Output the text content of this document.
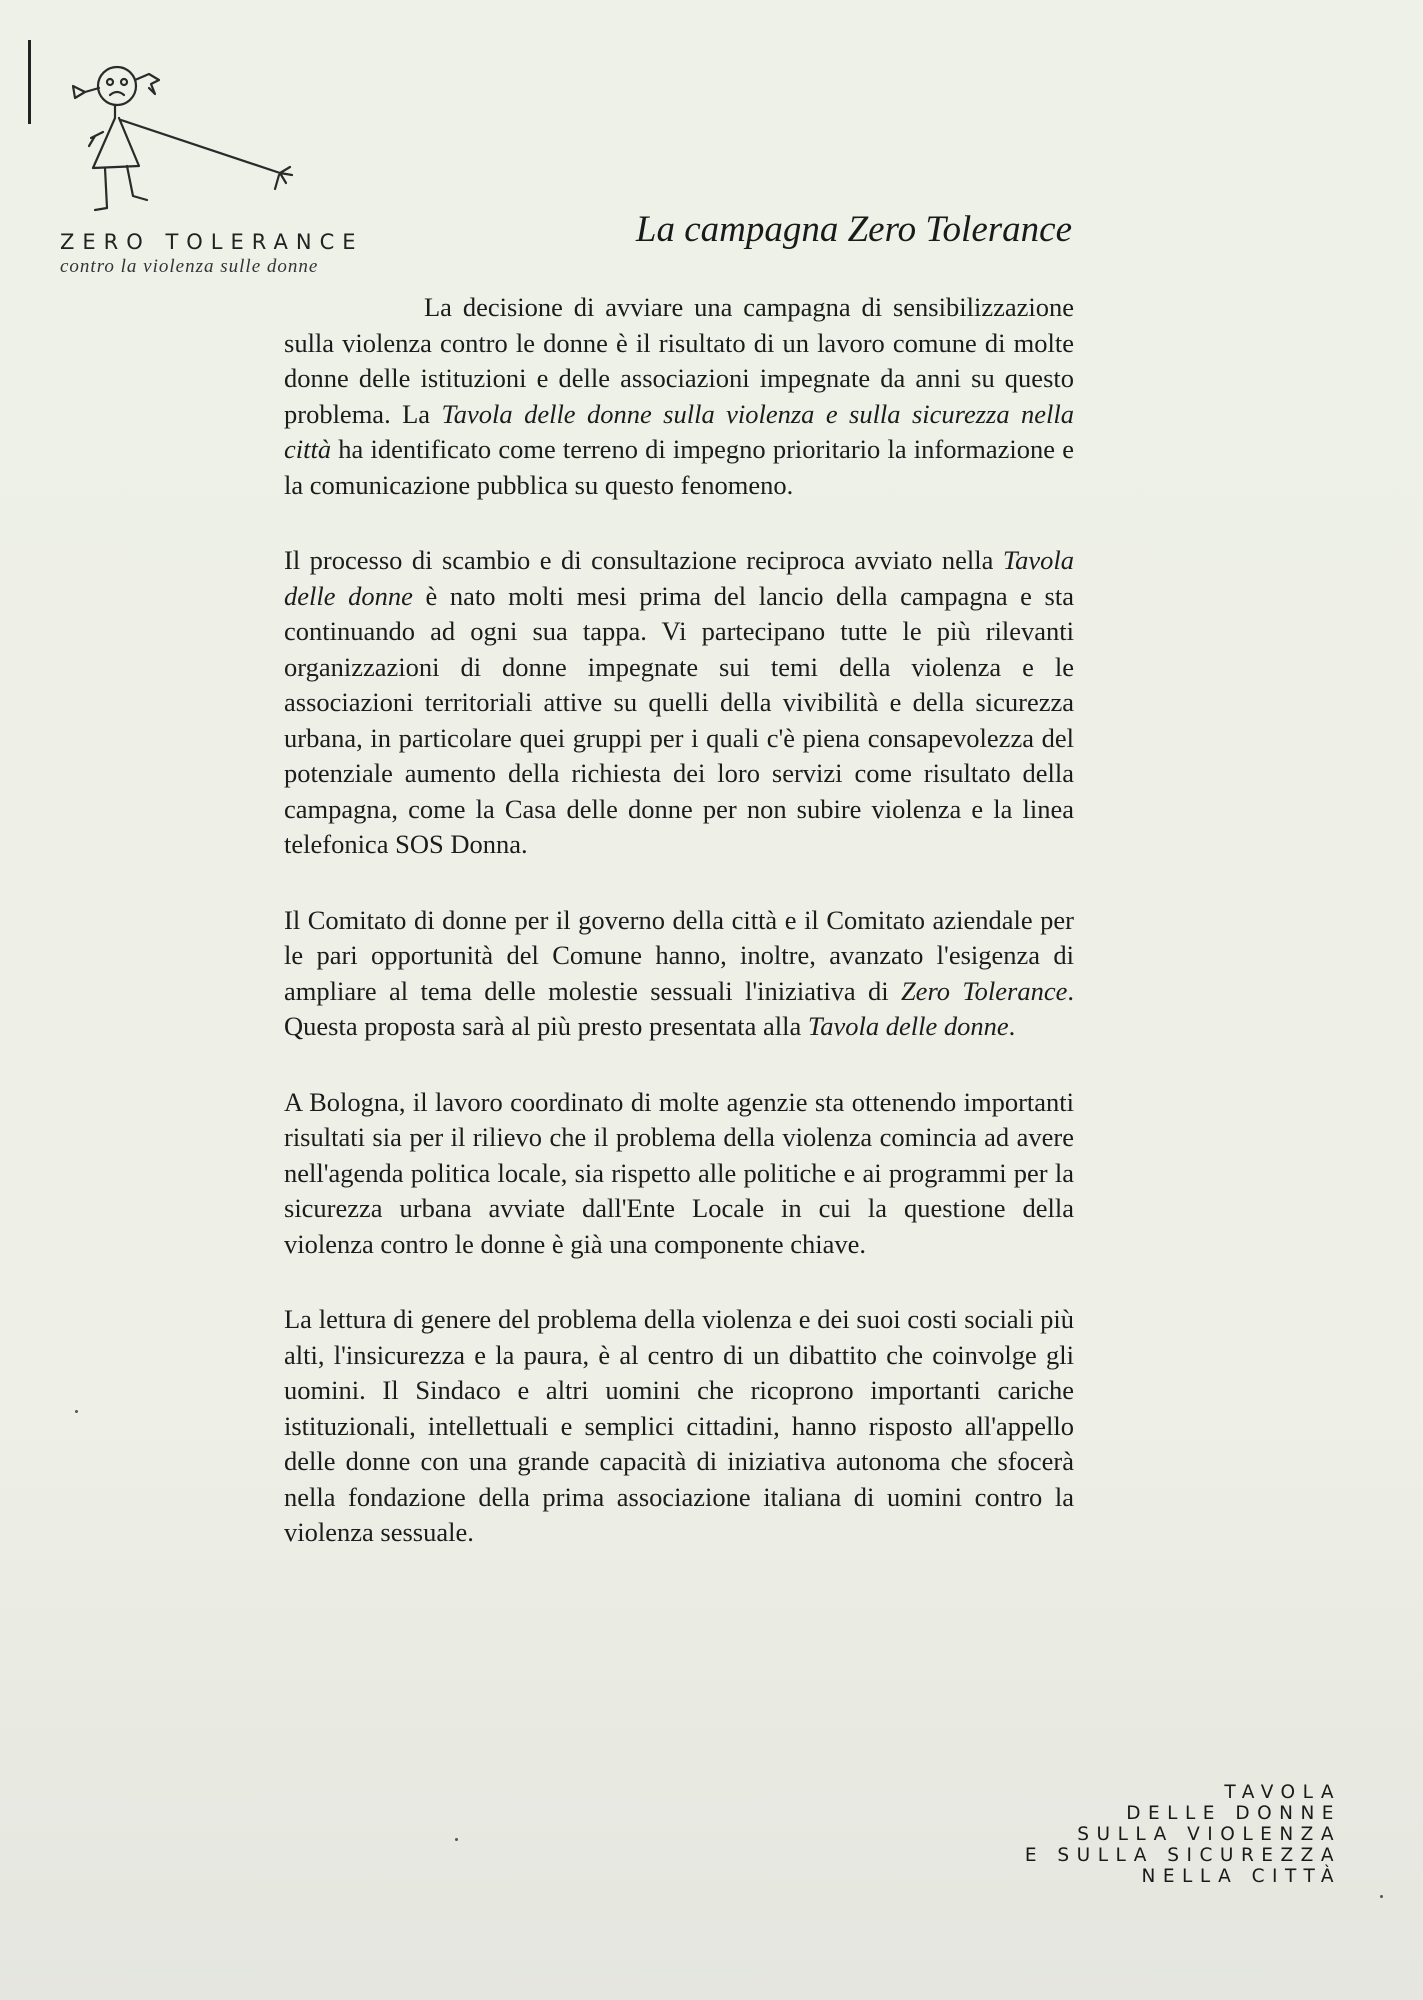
ZERO TOLERANCE
contro la violenza sulle donne
La campagna Zero Tolerance

La decisione di avviare una campagna di sensibilizzazione sulla violenza contro le donne è il risultato di un lavoro comune di molte donne delle istituzioni e delle associazioni impegnate da anni su questo problema. La Tavola delle donne sulla violenza e sulla sicurezza nella città ha identificato come terreno di impegno prioritario la informazione e la comunicazione pubblica su questo fenomeno.

Il processo di scambio e di consultazione reciproca avviato nella Tavola delle donne è nato molti mesi prima del lancio della campagna e sta continuando ad ogni sua tappa. Vi partecipano tutte le più rilevanti organizzazioni di donne impegnate sui temi della violenza e le associazioni territoriali attive su quelli della vivibilità e della sicurezza urbana, in particolare quei gruppi per i quali c'è piena consapevolezza del potenziale aumento della richiesta dei loro servizi come risultato della campagna, come la Casa delle donne per non subire violenza e la linea telefonica SOS Donna.

Il Comitato di donne per il governo della città e il Comitato aziendale per le pari opportunità del Comune hanno, inoltre, avanzato l'esigenza di ampliare al tema delle molestie sessuali l'iniziativa di Zero Tolerance. Questa proposta sarà al più presto presentata alla Tavola delle donne.

A Bologna, il lavoro coordinato di molte agenzie sta ottenendo importanti risultati sia per il rilievo che il problema della violenza comincia ad avere nell'agenda politica locale, sia rispetto alle politiche e ai programmi per la sicurezza urbana avviate dall'Ente Locale in cui la questione della violenza contro le donne è già una componente chiave.

La lettura di genere del problema della violenza e dei suoi costi sociali più alti, l'insicurezza e la paura, è al centro di un dibattito che coinvolge gli uomini. Il Sindaco e altri uomini che ricoprono importanti cariche istituzionali, intellettuali e semplici cittadini, hanno risposto all'appello delle donne con una grande capacità di iniziativa autonoma che sfocerà nella fondazione della prima associazione italiana di uomini contro la violenza sessuale.

TAVOLA
DELLE DONNE
SULLA VIOLENZA
E SULLA SICUREZZA
NELLA CITTÀ
